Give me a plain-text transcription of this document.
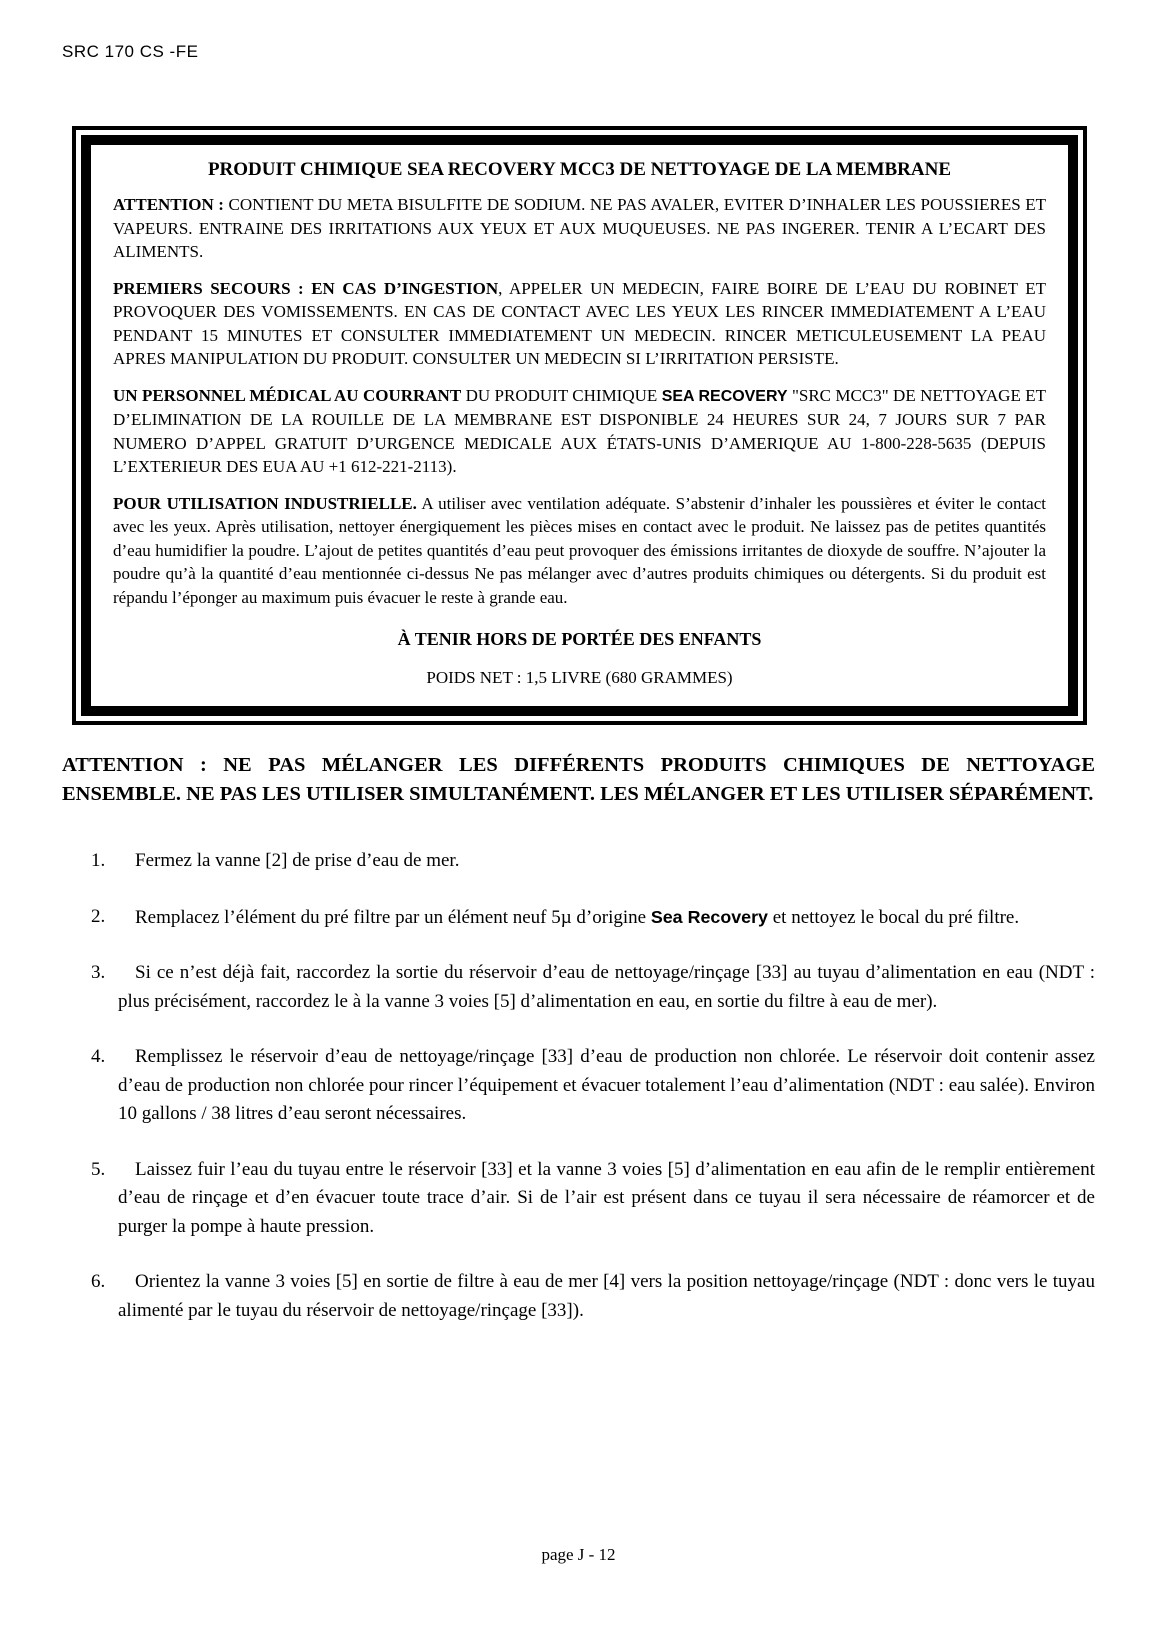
SRC 170 CS -FE
PRODUIT CHIMIQUE SEA RECOVERY MCC3 DE NETTOYAGE DE LA MEMBRANE

ATTENTION : CONTIENT DU META BISULFITE DE SODIUM. NE PAS AVALER, EVITER D’INHALER LES POUSSIERES ET VAPEURS. ENTRAINE DES IRRITATIONS AUX YEUX ET AUX MUQUEUSES. NE PAS INGERER. TENIR A L’ECART DES ALIMENTS.

PREMIERS SECOURS : EN CAS D’INGESTION, APPELER UN MEDECIN, FAIRE BOIRE DE L’EAU DU ROBINET ET PROVOQUER DES VOMISSEMENTS. EN CAS DE CONTACT AVEC LES YEUX LES RINCER IMMEDIATEMENT A L’EAU PENDANT 15 MINUTES ET CONSULTER IMMEDIATEMENT UN MEDECIN. RINCER METICULEUSEMENT LA PEAU APRES MANIPULATION DU PRODUIT. CONSULTER UN MEDECIN SI L’IRRITATION PERSISTE.

UN PERSONNEL MÉDICAL AU COURRANT DU PRODUIT CHIMIQUE SEA RECOVERY "SRC MCC3" DE NETTOYAGE ET D’ELIMINATION DE LA ROUILLE DE LA MEMBRANE EST DISPONIBLE 24 HEURES SUR 24, 7 JOURS SUR 7 PAR NUMERO D’APPEL GRATUIT D’URGENCE MEDICALE AUX ÉTATS-UNIS D’AMERIQUE AU 1-800-228-5635 (DEPUIS L’EXTERIEUR DES EUA AU +1 612-221-2113).

POUR UTILISATION INDUSTRIELLE. A utiliser avec ventilation adéquate. S’abstenir d’inhaler les poussières et éviter le contact avec les yeux. Après utilisation, nettoyer énergiquement les pièces mises en contact avec le produit. Ne laissez pas de petites quantités d’eau humidifier la poudre. L’ajout de petites quantités d’eau peut provoquer des émissions irritantes de dioxyde de souffre. N’ajouter la poudre qu’à la quantité d’eau mentionnée ci-dessus Ne pas mélanger avec d’autres produits chimiques ou détergents. Si du produit est répandu l’éponger au maximum puis évacuer le reste à grande eau.

À TENIR HORS DE PORTÉE DES ENFANTS
POIDS NET : 1,5 LIVRE (680 GRAMMES)

ATTENTION : NE PAS MÉLANGER LES DIFFÉRENTS PRODUITS CHIMIQUES DE NETTOYAGE ENSEMBLE. NE PAS LES UTILISER SIMULTANÉMENT. LES MÉLANGER ET LES UTILISER SÉPARÉMENT.

1.	Fermez la vanne [2] de prise d’eau de mer.
2.	Remplacez l’élément du pré filtre par un élément neuf 5µ d’origine Sea Recovery et nettoyez le bocal du pré filtre.
3.	Si ce n’est déjà fait, raccordez la sortie du réservoir d’eau de nettoyage/rinçage [33] au tuyau d’alimentation en eau (NDT : plus précisément, raccordez le à la vanne 3 voies [5] d’alimentation en eau, en sortie du filtre à eau de mer).
4.	Remplissez le réservoir d’eau de nettoyage/rinçage [33] d’eau de production non chlorée. Le réservoir doit contenir assez d’eau de production non chlorée pour rincer l’équipement et évacuer totalement l’eau d’alimentation (NDT : eau salée). Environ 10 gallons / 38 litres d’eau seront nécessaires.
5.	Laissez fuir l’eau du tuyau entre le réservoir [33] et la vanne 3 voies [5] d’alimentation en eau afin de le remplir entièrement d’eau de rinçage et d’en évacuer toute trace d’air. Si de l’air est présent dans ce tuyau il sera nécessaire de réamorcer et de purger la pompe à haute pression.
6.	Orientez la vanne 3 voies [5] en sortie de filtre à eau de mer [4] vers la position nettoyage/rinçage (NDT : donc vers le tuyau alimenté par le tuyau du réservoir de nettoyage/rinçage [33]).
page J - 12
